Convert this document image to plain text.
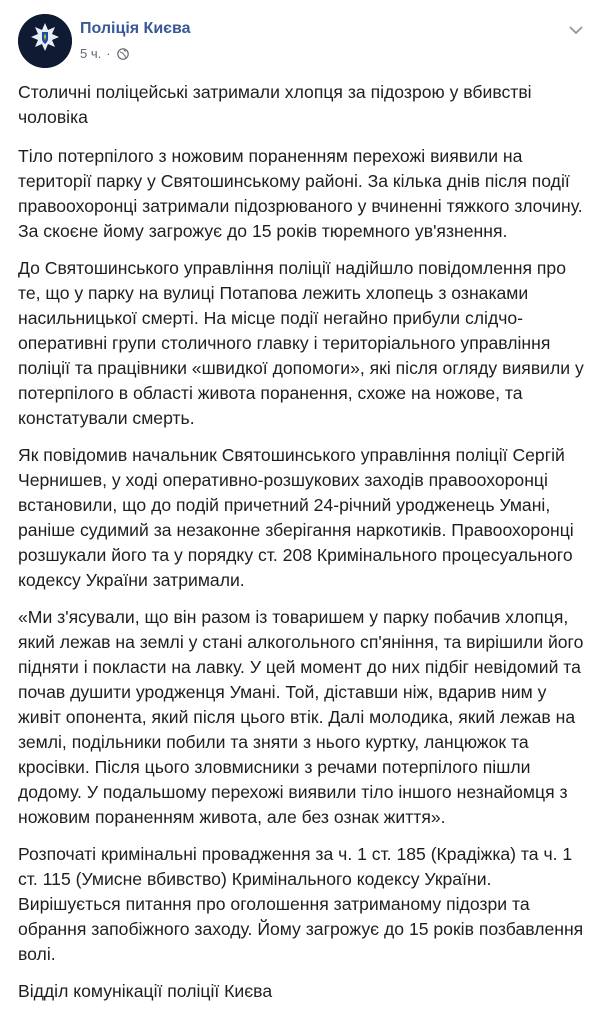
Поліція Києва
5 ч. ·

Столичні поліцейські затримали хлопця за підозрою у вбивстві чоловіка

Тіло потерпілого з ножовим пораненням перехожі виявили на території парку у Святошинському районі. За кілька днів після події правоохоронці затримали підозрюваного у вчиненні тяжкого злочину. За скоєне йому загрожує до 15 років тюремного ув'язнення.

До Святошинського управління поліції надійшло повідомлення про те, що у парку на вулиці Потапова лежить хлопець з ознаками насильницької смерті. На місце події негайно прибули слідчо-оперативні групи столичного главку і територіального управління поліції та працівники «швидкої допомоги», які після огляду виявили у потерпілого в області живота поранення, схоже на ножове, та констатували смерть.

Як повідомив начальник Святошинського управління поліції Сергій Чернишев, у ході оперативно-розшукових заходів правоохоронці встановили, що до подій причетний 24-річний уродженець Умані, раніше судимий за незаконне зберігання наркотиків. Правоохоронці розшукали його та у порядку ст. 208 Кримінального процесуального кодексу України затримали.

«Ми з'ясували, що він разом із товаришем у парку побачив хлопця, який лежав на землі у стані алкогольного сп'яніння, та вирішили його підняти і покласти на лавку. У цей момент до них підбіг невідомий та почав душити уродженця Умані. Той, діставши ніж, вдарив ним у живіт опонента, який після цього втік. Далі молодика, який лежав на землі, подільники побили та зняти з нього куртку, ланцюжок та кросівки. Після цього зловмисники з речами потерпілого пішли додому. У подальшому перехожі виявили тіло іншого незнайомця з ножовим пораненням живота, але без ознак життя».

Розпочаті кримінальні провадження за ч. 1 ст. 185 (Крадіжка) та ч. 1 ст. 115 (Умисне вбивство) Кримінального кодексу України. Вирішується питання про оголошення затриманому підозри та обрання запобіжного заходу. Йому загрожує до 15 років позбавлення волі.

Відділ комунікації поліції Києва
